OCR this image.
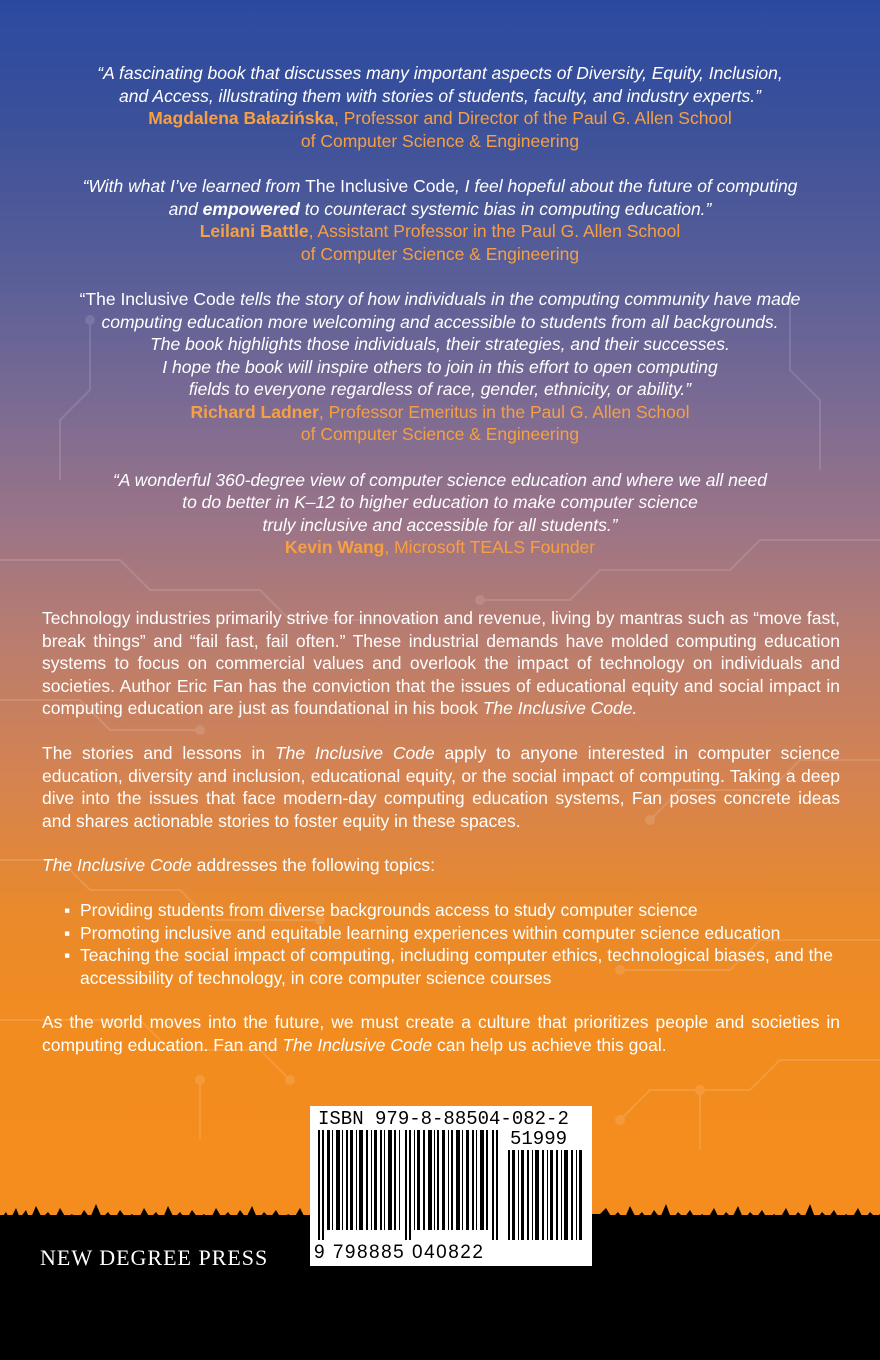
“A fascinating book that discusses many important aspects of Diversity, Equity, Inclusion,
and Access, illustrating them with stories of students, faculty, and industry experts.”
Magdalena Bałazińska, Professor and Director of the Paul G. Allen School
of Computer Science & Engineering
“With what I’ve learned from The Inclusive Code, I feel hopeful about the future of computing
and empowered to counteract systemic bias in computing education.”
Leilani Battle, Assistant Professor in the Paul G. Allen School
of Computer Science & Engineering
“The Inclusive Code tells the story of how individuals in the computing community have made
computing education more welcoming and accessible to students from all backgrounds.
The book highlights those individuals, their strategies, and their successes.
I hope the book will inspire others to join in this effort to open computing
fields to everyone regardless of race, gender, ethnicity, or ability.”
Richard Ladner, Professor Emeritus in the Paul G. Allen School
of Computer Science & Engineering
“A wonderful 360-degree view of computer science education and where we all need
to do better in K–12 to higher education to make computer science
truly inclusive and accessible for all students.”
Kevin Wang, Microsoft TEALS Founder

Technology industries primarily strive for innovation and revenue, living by mantras such as “move fast, break things” and “fail fast, fail often.” These industrial demands have molded computing education systems to focus on commercial values and overlook the impact of technology on individuals and societies. Author Eric Fan has the conviction that the issues of educational equity and social impact in computing education are just as foundational in his book The Inclusive Code.

The stories and lessons in The Inclusive Code apply to anyone interested in computer science education, diversity and inclusion, educational equity, or the social impact of computing. Taking a deep dive into the issues that face modern-day computing education systems, Fan poses concrete ideas and shares actionable stories to foster equity in these spaces.

The Inclusive Code addresses the following topics:

▪ Providing students from diverse backgrounds access to study computer science
▪ Promoting inclusive and equitable learning experiences within computer science education
▪ Teaching the social impact of computing, including computer ethics, technological biases, and the accessibility of technology, in core computer science courses

As the world moves into the future, we must create a culture that prioritizes people and societies in computing education. Fan and The Inclusive Code can help us achieve this goal.

NEW DEGREE PRESS
ISBN 979-8-88504-082-2
51999
9 798885 040822
